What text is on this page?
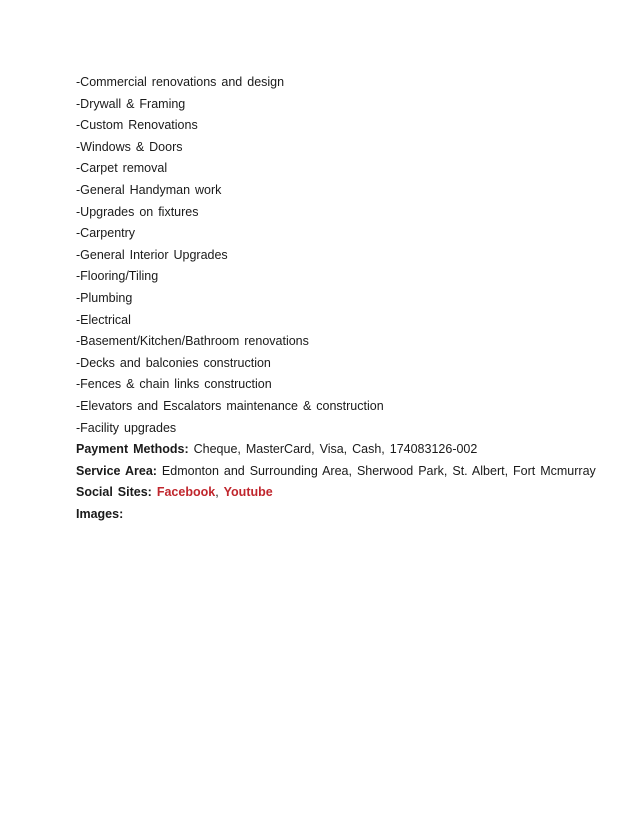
-Commercial renovations and design
-Drywall & Framing
-Custom Renovations
-Windows & Doors
-Carpet removal
-General Handyman work
-Upgrades on fixtures
-Carpentry
-General Interior Upgrades
-Flooring/Tiling
-Plumbing
-Electrical
-Basement/Kitchen/Bathroom renovations
-Decks and balconies construction
-Fences & chain links construction
-Elevators and Escalators maintenance & construction
-Facility upgrades
Payment Methods: Cheque, MasterCard, Visa, Cash, 174083126-002
Service Area: Edmonton and Surrounding Area, Sherwood Park, St. Albert, Fort Mcmurray
Social Sites: Facebook, Youtube
Images:
